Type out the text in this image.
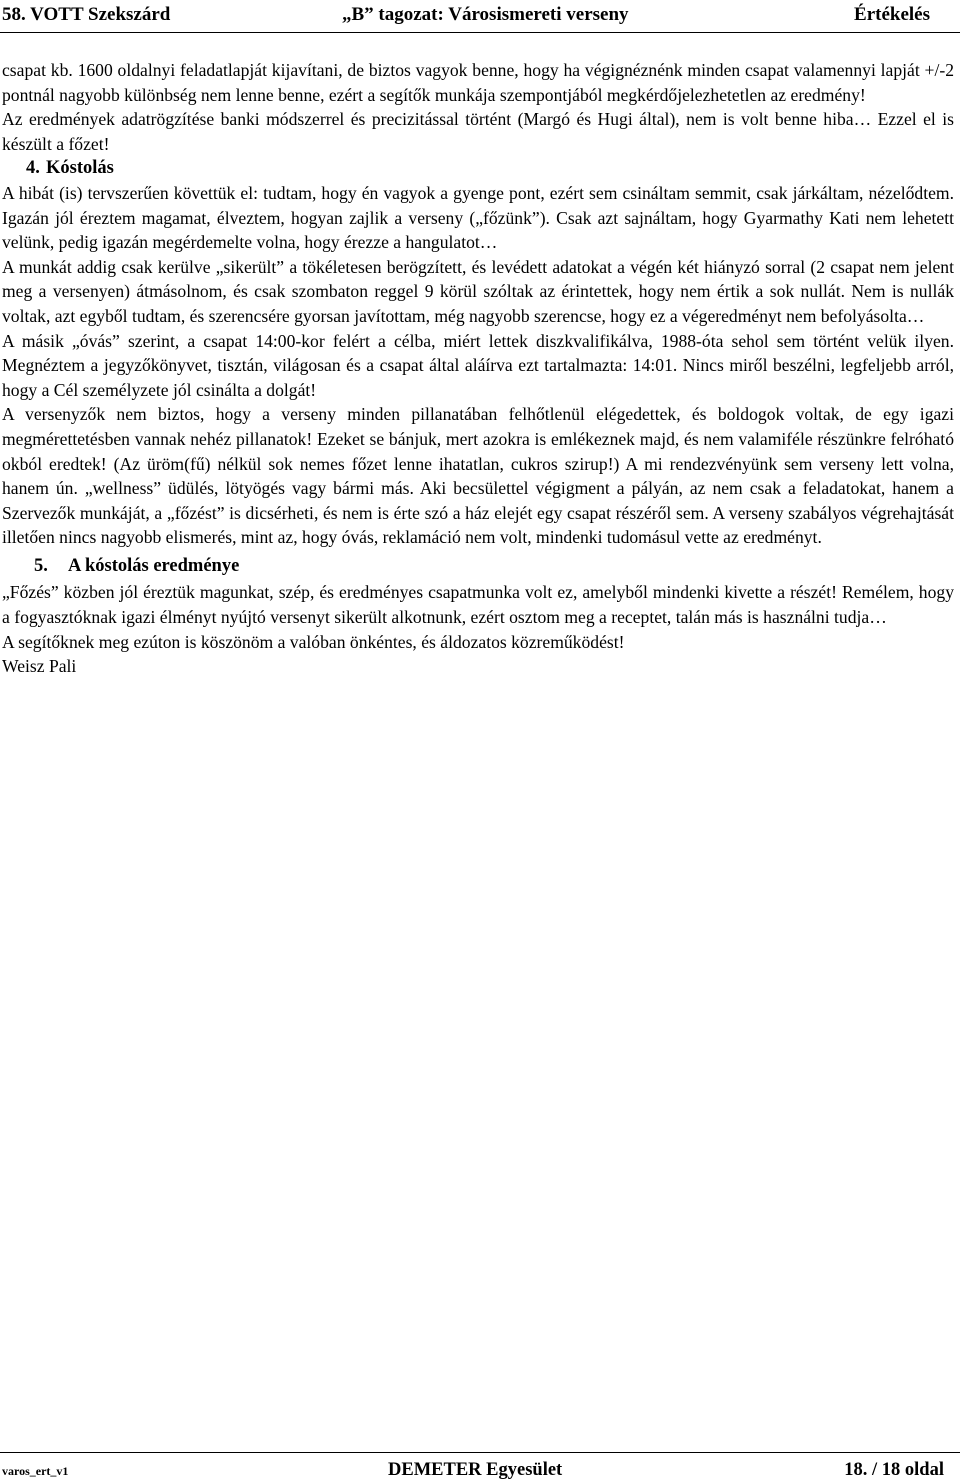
58. VOTT Szekszárd	„B” tagozat: Városismereti verseny	Értékelés

csapat kb. 1600 oldalnyi feladatlapját kijavítani, de biztos vagyok benne, hogy ha végignéznénk minden csapat valamennyi lapját +/-2 pontnál nagyobb különbség nem lenne benne, ezért a segítők munkája szempontjából megkérdőjelezhetetlen az eredmény!

Az eredmények adatrögzítése banki módszerrel és precizitással történt (Margó és Hugi által), nem is volt benne hiba… Ezzel el is készült a főzet!

4. Kóstolás

A hibát (is) tervszerűen követtük el: tudtam, hogy én vagyok a gyenge pont, ezért sem csináltam semmit, csak járkáltam, nézelődtem. Igazán jól éreztem magamat, élveztem, hogyan zajlik a verseny („főzünk”). Csak azt sajnáltam, hogy Gyarmathy Kati nem lehetett velünk, pedig igazán megérdemelte volna, hogy érezze a hangulatot…

A munkát addig csak kerülve „sikerült” a tökéletesen berögzített, és levédett adatokat a végén két hiányzó sorral (2 csapat nem jelent meg a versenyen) átmásolnom, és csak szombaton reggel 9 körül szóltak az érintettek, hogy nem értik a sok nullát. Nem is nullák voltak, azt egyből tudtam, és szerencsére gyorsan javítottam, még nagyobb szerencse, hogy ez a végeredményt nem befolyásolta…

A másik „óvás” szerint, a csapat 14:00-kor felért a célba, miért lettek diszkvalifikálva, 1988-óta sehol sem történt velük ilyen. Megnéztem a jegyzőkönyvet, tisztán, világosan és a csapat által aláírva ezt tartalmazta: 14:01. Nincs miről beszélni, legfeljebb arról, hogy a Cél személyzete jól csinálta a dolgát!

A versenyzők nem biztos, hogy a verseny minden pillanatában felhőtlenül elégedettek, és boldogok voltak, de egy igazi megmérettetésben vannak nehéz pillanatok! Ezeket se bánjuk, mert azokra is emlékeznek majd, és nem valamiféle részünkre felróható okból eredtek! (Az üröm(fű) nélkül sok nemes főzet lenne ihatatlan, cukros szirup!) A mi rendezvényünk sem verseny lett volna, hanem ún. „wellness” üdülés, lötyögés vagy bármi más. Aki becsülettel végigment a pályán, az nem csak a feladatokat, hanem a Szervezők munkáját, a „főzést” is dicsérheti, és nem is érte szó a ház elejét egy csapat részéről sem. A verseny szabályos végrehajtását illetően nincs nagyobb elismerés, mint az, hogy óvás, reklamáció nem volt, mindenki tudomásul vette az eredményt.

5. A kóstolás eredménye

„Főzés” közben jól éreztük magunkat, szép, és eredményes csapatmunka volt ez, amelyből mindenki kivette a részét! Remélem, hogy a fogyasztóknak igazi élményt nyújtó versenyt sikerült alkotnunk, ezért osztom meg a receptet, talán más is használni tudja…

A segítőknek meg ezúton is köszönöm a valóban önkéntes, és áldozatos közreműködést!

Weisz Pali

varos_ert_v1	DEMETER Egyesület	18. / 18 oldal
